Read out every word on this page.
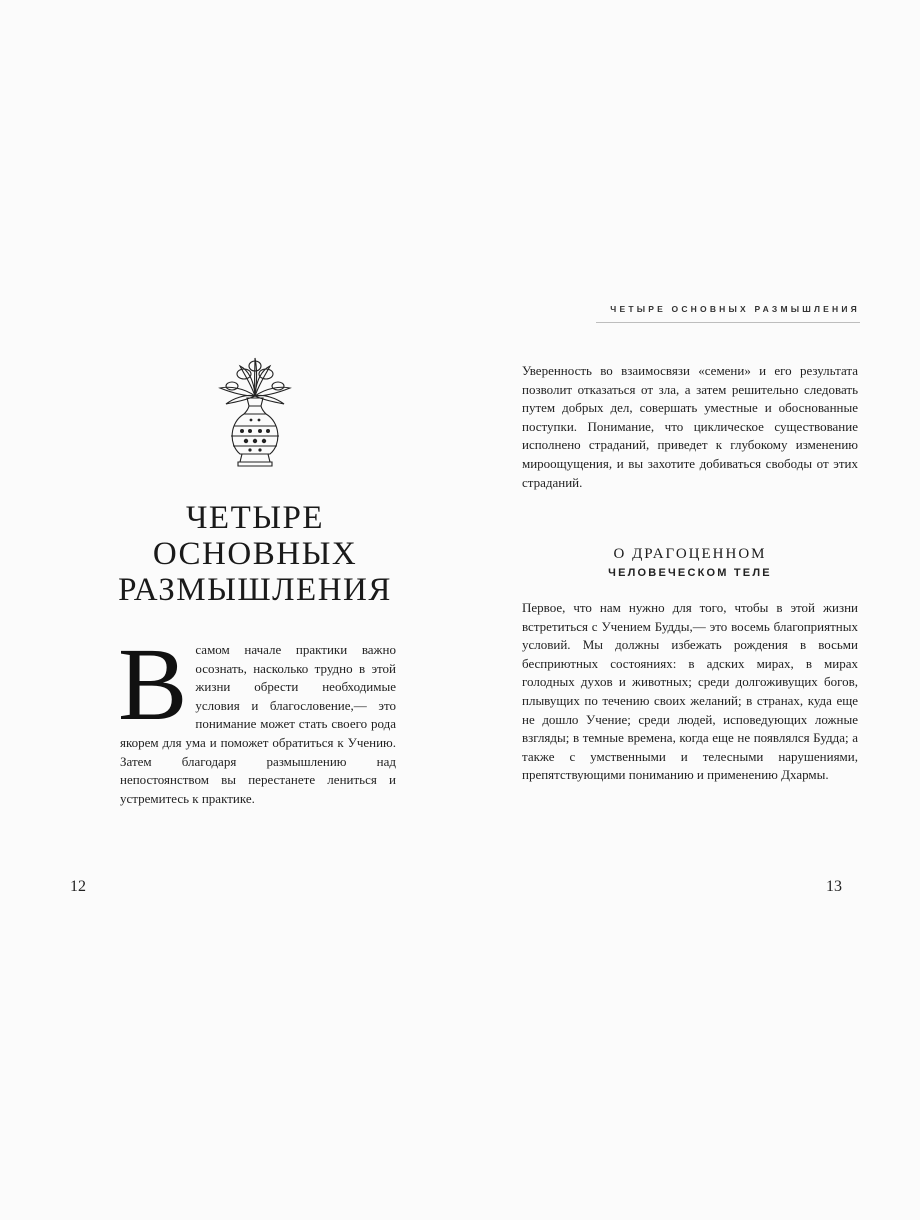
ЧЕТЫРЕ ОСНОВНЫХ РАЗМЫШЛЕНИЯ
ЧЕТЫРЕ
ОСНОВНЫХ
РАЗМЫШЛЕНИЯ
В самом начале практики важно осознать, насколько трудно в этой жизни обрести необходимые условия и благословение,— это понимание может стать своего рода якорем для ума и поможет обратиться к Учению. Затем благодаря размышлению над непостоянством вы перестанете лениться и устремитесь к практике.

Уверенность во взаимосвязи «семени» и его результата позволит отказаться от зла, а затем решительно следовать путем добрых дел, совершать уместные и обоснованные поступки. Понимание, что циклическое существование исполнено страданий, приведет к глубокому изменению мироощущения, и вы захотите добиваться свободы от этих страданий.

О ДРАГОЦЕННОМ
ЧЕЛОВЕЧЕСКОМ ТЕЛЕ

Первое, что нам нужно для того, чтобы в этой жизни встретиться с Учением Будды,— это восемь благоприятных условий. Мы должны избежать рождения в восьми бесприютных состояниях: в адских мирах, в мирах голодных духов и животных; среди долгоживущих богов, плывущих по течению своих желаний; в странах, куда еще не дошло Учение; среди людей, исповедующих ложные взгляды; в темные времена, когда еще не появлялся Будда; а также с умственными и телесными нарушениями, препятствующими пониманию и применению Дхармы.

12	13
